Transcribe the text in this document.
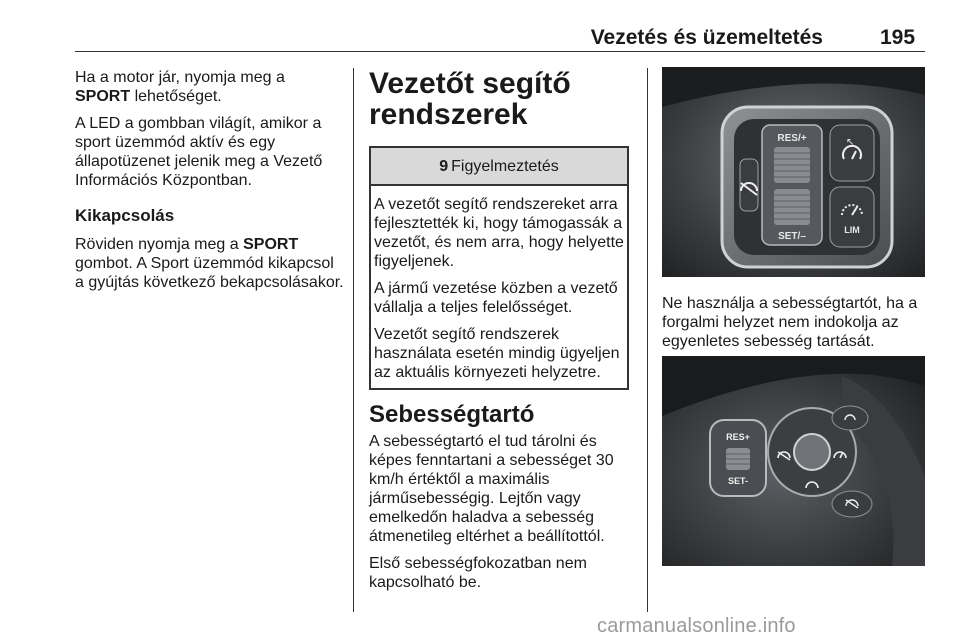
Vezetés és üzemeltetés	195

Ha a motor jár, nyomja meg a
SPORT lehetőséget.

A LED a gombban világít, amikor a sport üzemmód aktív és egy állapotüzenet jelenik meg a Vezető Információs Központban.

Kikapcsolás

Röviden nyomja meg a SPORT gombot. A Sport üzemmód kikapcsol a gyújtás következő bekapcsolásakor.

Vezetőt segítő rendszerek
9 Figyelmeztetés

A vezetőt segítő rendszereket arra fejlesztették ki, hogy támogassák a vezetőt, és nem arra, hogy helyette figyeljenek.

A jármű vezetése közben a vezető vállalja a teljes felelősséget.

Vezetőt segítő rendszerek használata esetén mindig ügyeljen az aktuális környezeti helyzetre.

Sebességtartó

A sebességtartó el tud tárolni és képes fenntartani a sebességet 30 km/h értéktől a maximális járműsebességig. Lejtőn vagy emelkedőn haladva a sebesség átmenetileg eltérhet a beállítottól.

Első sebességfokozatban nem kapcsolható be.

RES/+
SET/–
↖
LIM
Ne használja a sebességtartót, ha a forgalmi helyzet nem indokolja az egyenletes sebesség tartását.
RES+
SET-
carmanualsonline.info
